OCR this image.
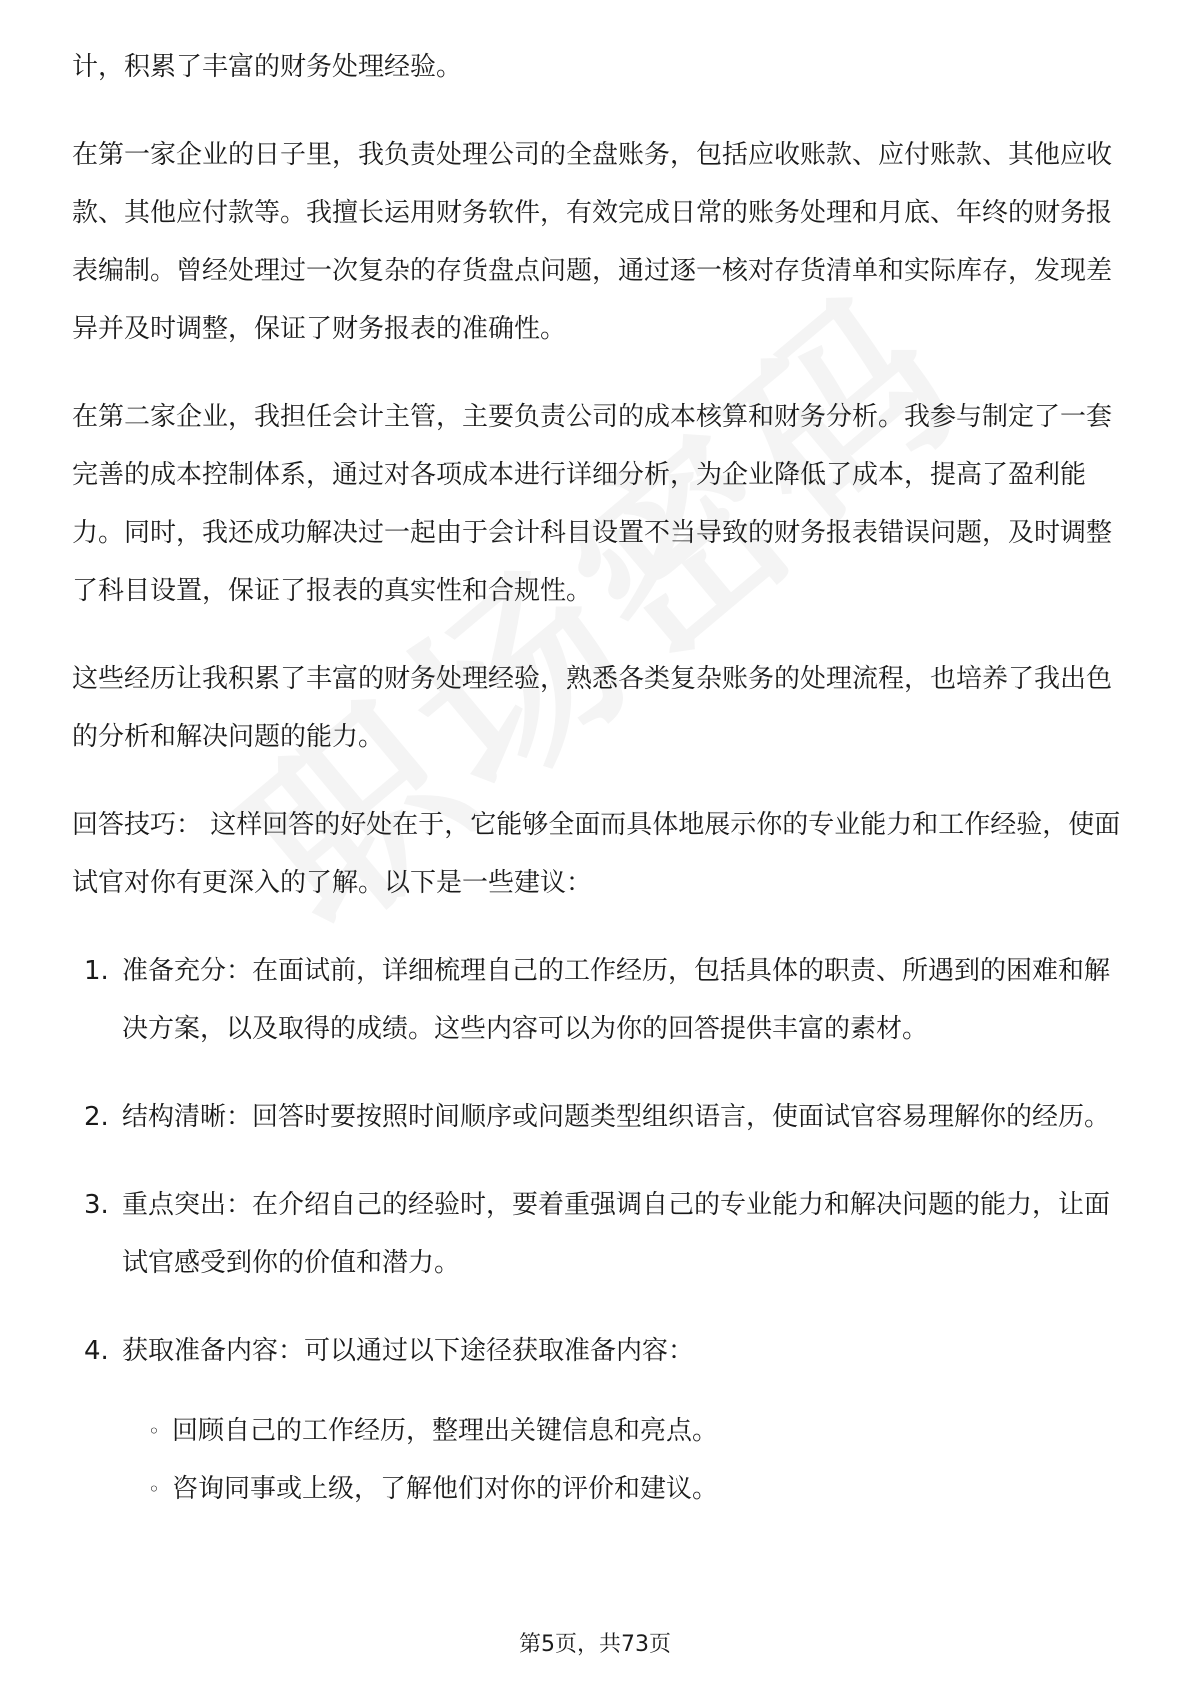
计，积累了丰富的财务处理经验。

在第一家企业的日子里，我负责处理公司的全盘账务，包括应收账款、应付账款、其他应收款、其他应付款等。我擅长运用财务软件，有效完成日常的账务处理和月底、年终的财务报表编制。曾经处理过一次复杂的存货盘点问题，通过逐一核对存货清单和实际库存，发现差异并及时调整，保证了财务报表的准确性。

在第二家企业，我担任会计主管，主要负责公司的成本核算和财务分析。我参与制定了一套完善的成本控制体系，通过对各项成本进行详细分析，为企业降低了成本，提高了盈利能力。同时，我还成功解决过一起由于会计科目设置不当导致的财务报表错误问题，及时调整了科目设置，保证了报表的真实性和合规性。

这些经历让我积累了丰富的财务处理经验，熟悉各类复杂账务的处理流程，也培养了我出色的分析和解决问题的能力。

回答技巧： 这样回答的好处在于，它能够全面而具体地展示你的专业能力和工作经验，使面试官对你有更深入的了解。以下是一些建议：

1. 准备充分：在面试前，详细梳理自己的工作经历，包括具体的职责、所遇到的困难和解决方案，以及取得的成绩。这些内容可以为你的回答提供丰富的素材。
2. 结构清晰：回答时要按照时间顺序或问题类型组织语言，使面试官容易理解你的经历。
3. 重点突出：在介绍自己的经验时，要着重强调自己的专业能力和解决问题的能力，让面试官感受到你的价值和潜力。
4. 获取准备内容：可以通过以下途径获取准备内容：
◦ 回顾自己的工作经历，整理出关键信息和亮点。
◦ 咨询同事或上级，了解他们对你的评价和建议。
第5页，共73页
